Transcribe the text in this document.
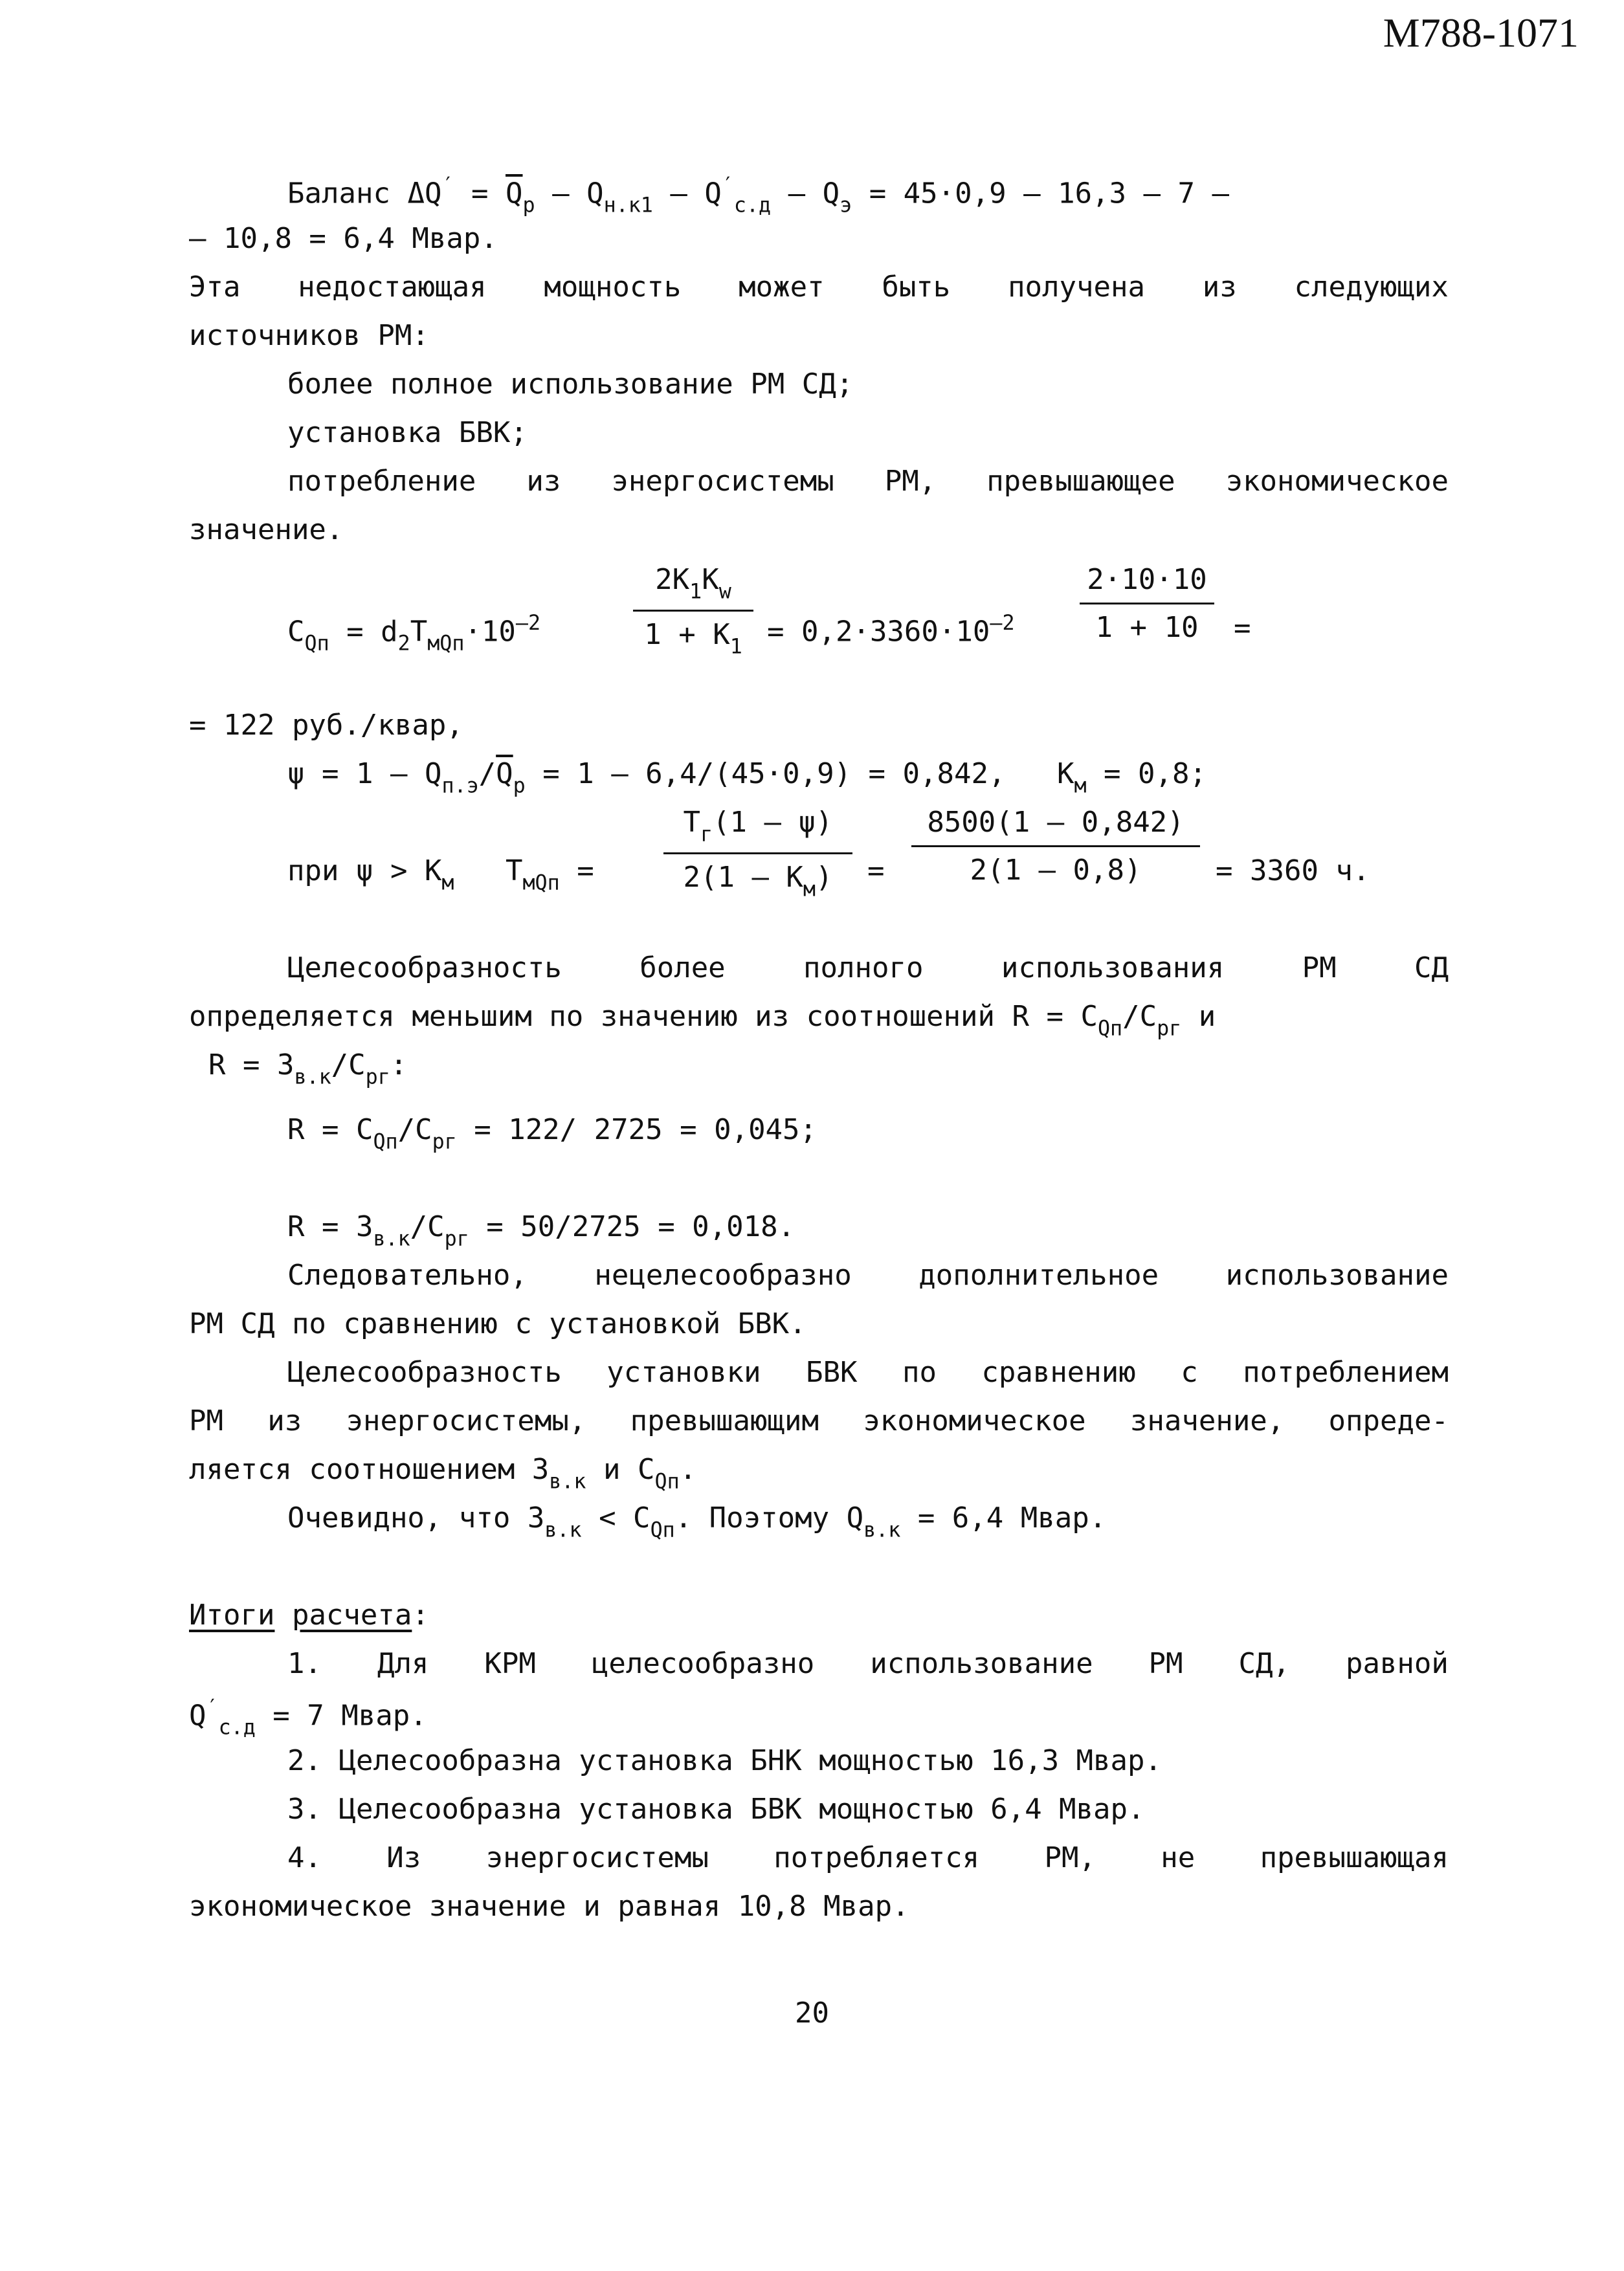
М788-1071
Баланс $\Delta Q' = \overline{Q}_р - Q_{н.к1} - Q'_{с.д} - Q_э = 45\cdot 0,9 - 16,3 - 7$ –
– 10,8 = 6,4 Мвар.
Эта недостающая мощность может быть получена из следующих
источников РМ:
более полное использование РМ СД;
установка БВК;
потребление из энергосистемы РМ, превышающее экономическое
значение.
$C_{Qп} = d_2T_{мQп}\cdot 10^{-2}$
$2K_1K_w$
$1 + K_1 = 0,2\cdot 3360\cdot 10^{-2}$
2·10·10
1 + 10	=
= 122 руб./квар,
$\psi = 1 - Q_{п.э}/\overline{Q}_р = 1 - 6,4/(45\cdot 0,9) = 0,842$, $K_м = 0,8$;
при $\psi > K_м$ $T_{мQп}$ =
$T_г(1 - \psi)$
$2(1 - K_м)$	=
8500(1 – 0,842)
2(1 – 0,8)	= 3360 ч.
Целесообразность	более	полного	использования	РМ	СД
определяется меньшим по значению из соотношений $R = C_{Qп}/C_{рг}$ и
$R = З_{в.к}/C_{рг}$:
$R = C_{Qп}/C_{рг} = 122/$ 2725 = 0,045;
$R = З_{в.к}/C_{рг} = 50/2725 = 0,018$.
Следовательно, нецелесообразно дополнительное использование
РМ СД по сравнению с установкой БВК.
Целесообразность установки БВК по сравнению с потреблением
РМ из энергосистемы, превышающим экономическое значение, опреде-
ляется соотношением $З_{в.к}$ и $C_{Qп}$.
Очевидно, что $З_{в.к} < C_{Qп}$. Поэтому $Q_{в.к} = 6,4$ Мвар.
Итоги расчета:
1. Для КРМ целесообразно использование РМ СД, равной
$Q'_{с.д} = 7$ Мвар.
2. Целесообразна установка БНК мощностью 16,3 Мвар.
3. Целесообразна установка БВК мощностью 6,4 Мвар.
4. Из энергосистемы потребляется РМ, не превышающая
экономическое значение и равная 10,8 Мвар.
20
